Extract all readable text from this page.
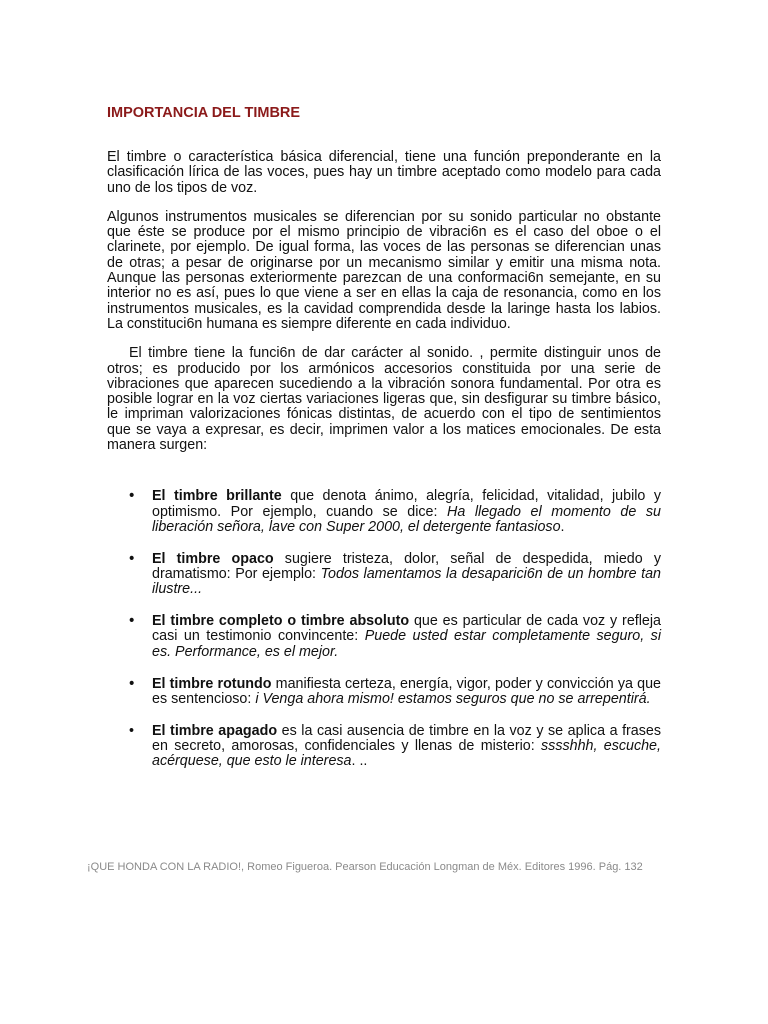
IMPORTANCIA DEL TIMBRE

El timbre o característica básica diferencial, tiene una función preponderante en la clasificación lírica de las voces, pues hay un timbre aceptado como modelo para cada uno de los tipos de voz.

Algunos instrumentos musicales se diferencian por su sonido particular no obstante que éste se produce por el mismo principio de vibraci6n es el caso del oboe o el clarinete, por ejemplo. De igual forma, las voces de las personas se diferencian unas de otras; a pesar de originarse por un mecanismo similar y emitir una misma nota. Aunque las personas exteriormente parezcan de una conformaci6n semejante, en su interior no es así, pues lo que viene a ser en ellas la caja de resonancia, como en los instrumentos musicales, es la cavidad comprendida desde la laringe hasta los labios. La constituci6n humana es siempre diferente en cada individuo.

El timbre tiene la funci6n de dar carácter al sonido. , permite distinguir unos de otros; es producido por los armónicos accesorios constituida por una serie de vibraciones que aparecen sucediendo a la vibración sonora fundamental. Por otra es posible lograr en la voz ciertas variaciones ligeras que, sin desfigurar su timbre básico, le impriman valorizaciones fónicas distintas, de acuerdo con el tipo de sentimientos que se vaya a expresar, es decir, imprimen valor a los matices emocionales. De esta manera surgen:

• El timbre brillante que denota ánimo, alegría, felicidad, vitalidad, jubilo y optimismo. Por ejemplo, cuando se dice: Ha llegado el momento de su liberación señora, lave con Super 2000, el detergente fantasioso.
• El timbre opaco sugiere tristeza, dolor, señal de despedida, miedo y dramatismo: Por ejemplo: Todos lamentamos la desaparici6n de un hombre tan ilustre...
• El timbre completo o timbre absoluto que es particular de cada voz y refleja casi un testimonio convincente: Puede usted estar completamente seguro, si es. Performance, es el mejor.
• El timbre rotundo manifiesta certeza, energía, vigor, poder y convicción ya que es sentencioso: i Venga ahora mismo! estamos seguros que no se arrepentirá.
• El timbre apagado es la casi ausencia de timbre en la voz y se aplica a frases en secreto, amorosas, confidenciales y llenas de misterio: sssshhh, escuche, acérquese, que esto le interesa. ..
¡QUE HONDA CON LA RADIO!, Romeo Figueroa. Pearson Educación Longman de Méx. Editores 1996. Pág. 132
